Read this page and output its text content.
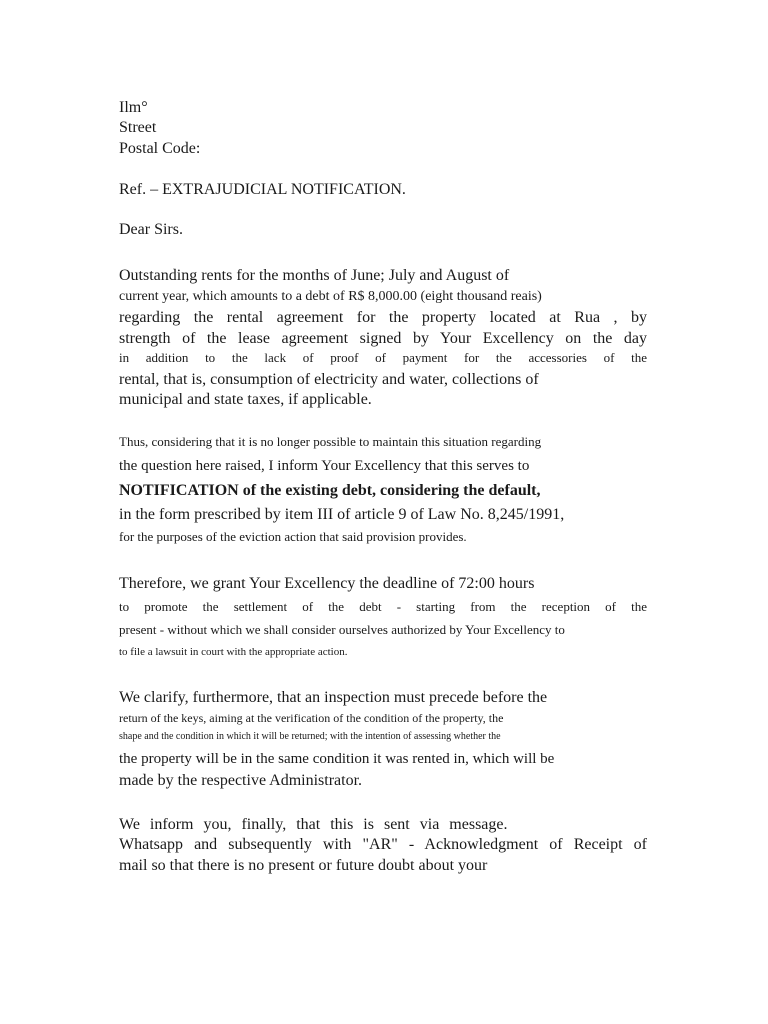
Ilm°
Street
Postal Code:
Ref. – EXTRAJUDICIAL NOTIFICATION.
Dear Sirs.
Outstanding rents for the months of June; July and August of
current year, which amounts to a debt of R$ 8,000.00 (eight thousand reais)
regarding the rental agreement for the property located at Rua , by
strength of the lease agreement signed by Your Excellency on the day
in addition to the lack of proof of payment for the accessories of the
rental, that is, consumption of electricity and water, collections of
municipal and state taxes, if applicable.
Thus, considering that it is no longer possible to maintain this situation regarding
the question here raised, I inform Your Excellency that this serves to
NOTIFICATION of the existing debt, considering the default,
in the form prescribed by item III of article 9 of Law No. 8,245/1991,
for the purposes of the eviction action that said provision provides.
Therefore, we grant Your Excellency the deadline of 72:00 hours
to promote the settlement of the debt - starting from the reception of the
present - without which we shall consider ourselves authorized by Your Excellency to
to file a lawsuit in court with the appropriate action.
We clarify, furthermore, that an inspection must precede before the
return of the keys, aiming at the verification of the condition of the property, the
shape and the condition in which it will be returned; with the intention of assessing whether the
the property will be in the same condition it was rented in, which will be
made by the respective Administrator.
We inform you, finally, that this is sent via message.
Whatsapp and subsequently with "AR" - Acknowledgment of Receipt of
mail so that there is no present or future doubt about your
